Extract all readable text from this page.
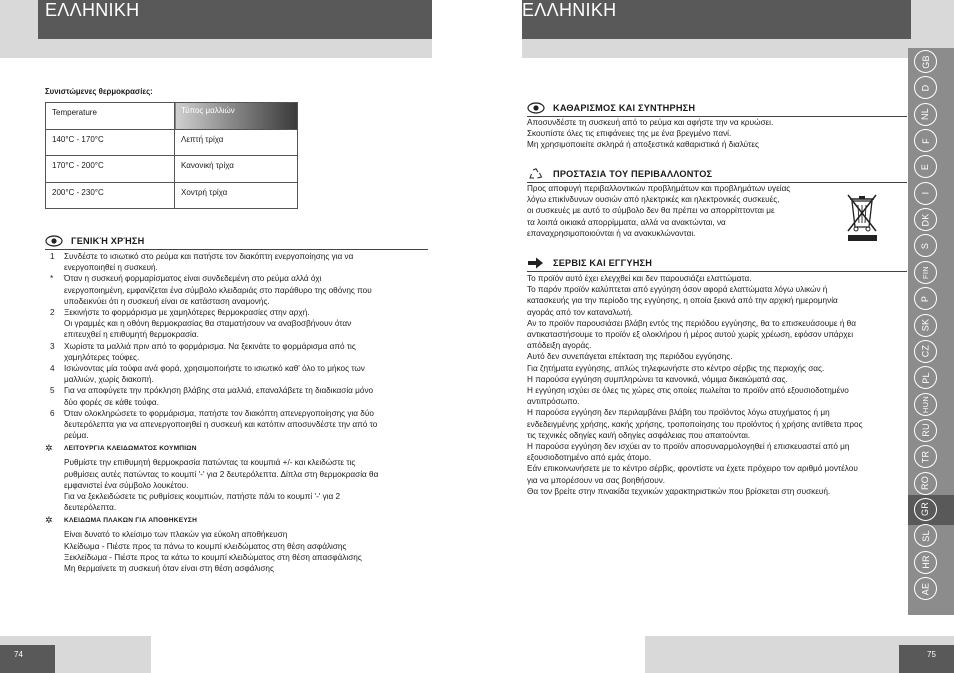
ΕΛΛΗΝΙΚΗ
Συνιστώμενες θερμοκρασίες:
Temperature	Τύπος μαλλιών
140°C - 170°C	Λεπτή τρίχα
170°C - 200°C	Κανονική τρίχα
200°C - 230°C	Χοντρή τρίχα
ΓΕΝΙΚΉ ΧΡΉΣΗ
1	Συνδέστε το ισιωτικό στο ρεύμα και πατήστε τον διακόπτη ενεργοποίησης για να
ενεργοποιηθεί η συσκευή.
*	Όταν η συσκευή φορμαρίσματος είναι συνδεδεμένη στο ρεύμα αλλά όχι
ενεργοποιημένη, εμφανίζεται ένα σύμβολο κλειδαριάς στο παράθυρο της οθόνης που
υποδεικνύει ότι η συσκευή είναι σε κατάσταση αναμονής.
2	Ξεκινήστε το φορμάρισμα με χαμηλότερες θερμοκρασίες στην αρχή.
Οι γραμμές και η οθόνη θερμοκρασίας θα σταματήσουν να αναβοσβήνουν όταν
επιτευχθεί η επιθυμητή θερμοκρασία.
3	Χωρίστε τα μαλλιά πριν από το φορμάρισμα. Να ξεκινάτε το φορμάρισμα από τις
χαμηλότερες τούφες.
4	Ισιώνοντας μία τούφα ανά φορά, χρησιμοποιήστε το ισιωτικό καθ' όλο το μήκος των
μαλλιών, χωρίς διακοπή.
5	Για να αποφύγετε την πρόκληση βλάβης στα μαλλιά, επαναλάβετε τη διαδικασία μόνο
δύο φορές σε κάθε τούφα.
6	Όταν ολοκληρώσετε το φορμάρισμα, πατήστε τον διακόπτη απενεργοποίησης για δύο
δευτερόλεπτα για να απενεργοποιηθεί η συσκευή και κατόπιν αποσυνδέστε την από το
ρεύμα.
✲	ΛΕΙΤΟΥΡΓΙΑ ΚΛΕΙΔΩΜΑΤΟΣ ΚΟΥΜΠΙΩΝ
Ρυθμίστε την επιθυμητή θερμοκρασία πατώντας τα κουμπιά +/- και κλειδώστε τις
ρυθμίσεις αυτές πατώντας το κουμπί '-' για 2 δευτερόλεπτα. Δίπλα στη θερμοκρασία θα
εμφανιστεί ένα σύμβολο λουκέτου.
Για να ξεκλειδώσετε τις ρυθμίσεις κουμπιών, πατήστε πάλι το κουμπί '-' για 2
δευτερόλεπτα.
✲	ΚΛΕΙΔΩΜΑ ΠΛΑΚΩΝ ΓΙΑ ΑΠΟΘΗΚΕΥΣΗ
Είναι δυνατό το κλείσιμο των πλακών για εύκολη αποθήκευση
Κλείδωμα - Πιέστε προς τα πάνω το κουμπί κλειδώματος στη θέση ασφάλισης
Ξεκλείδωμα - Πιέστε προς τα κάτω το κουμπί κλειδώματος στη θέση απασφάλισης
Μη θερμαίνετε τη συσκευή όταν είναι στη θέση ασφάλισης
74
ΕΛΛΗΝΙΚΗ
75
ΚΑΘΑΡΙΣΜΟΣ ΚΑΙ ΣΥΝΤΗΡΗΣΗ
Αποσυνδέστε τη συσκευή από το ρεύμα και αφήστε την να κρυώσει.
Σκουπίστε όλες τις επιφάνειες της με ένα βρεγμένο πανί.
Μη χρησιμοποιείτε σκληρά ή αποξεστικά καθαριστικά ή διαλύτες
ΠΡΟΣΤΑΣΙΑ ΤΟΥ ΠΕΡΙΒΑΛΛΟΝΤΟΣ
Προς αποφυγή περιβαλλοντικών προβλημάτων και προβλημάτων υγείας
λόγω επικίνδυνων ουσιών από ηλεκτρικές και ηλεκτρονικές συσκευές,
οι συσκευές με αυτό το σύμβολο δεν θα πρέπει να απορρίπτονται με
τα λοιπά οικιακά απορρίμματα, αλλά να ανακτώνται, να
επαναχρησιμοποιούνται ή να ανακυκλώνονται.
ΣΕΡΒΙΣ ΚΑΙ ΕΓΓΥΗΣΗ
Το προϊόν αυτό έχει ελεγχθεί και δεν παρουσιάζει ελαττώματα.
Το παρόν προϊόν καλύπτεται από εγγύηση όσον αφορά ελαττώματα λόγω υλικών ή
κατασκευής για την περίοδο της εγγύησης, η οποία ξεκινά από την αρχική ημερομηνία
αγοράς από τον καταναλωτή.
Αν το προϊόν παρουσιάσει βλάβη εντός της περιόδου εγγύησης, θα το επισκευάσουμε ή θα
αντικαταστήσουμε το προϊόν εξ ολοκλήρου ή μέρος αυτού χωρίς χρέωση, εφόσον υπάρχει
απόδειξη αγοράς.
Αυτό δεν συνεπάγεται επέκταση της περιόδου εγγύησης.
Για ζητήματα εγγύησης, απλώς τηλεφωνήστε στο κέντρο σέρβις της περιοχής σας.
Η παρούσα εγγύηση συμπληρώνει τα κανονικά, νόμιμα δικαιώματά σας.
Η εγγύηση ισχύει σε όλες τις χώρες στις οποίες πωλείται το προϊόν από εξουσιοδοτημένο
αντιπρόσωπο.
Η παρούσα εγγύηση δεν περιλαμβάνει βλάβη του προϊόντος λόγω ατυχήματος ή μη
ενδεδειγμένης χρήσης, κακής χρήσης, τροποποίησης του προϊόντος ή χρήσης αντίθετα προς
τις τεχνικές οδηγίες και/ή οδηγίες ασφάλειας που απαιτούνται.
Η παρούσα εγγύηση δεν ισχύει αν το προϊόν αποσυναρμολογηθεί ή επισκευαστεί από μη
εξουσιοδοτημένο από εμάς άτομο.
Εάν επικοινωνήσετε με το κέντρο σέρβις, φροντίστε να έχετε πρόχειρο τον αριθμό μοντέλου
για να μπορέσουν να σας βοηθήσουν.
Θα τον βρείτε στην πινακίδα τεχνικών χαρακτηριστικών που βρίσκεται στη συσκευή.
GB
D
NL
F
E
I
DK
S
FIN
P
SK
CZ
PL
HUN
RU
TR
RO
GR
SL
HR
AE
